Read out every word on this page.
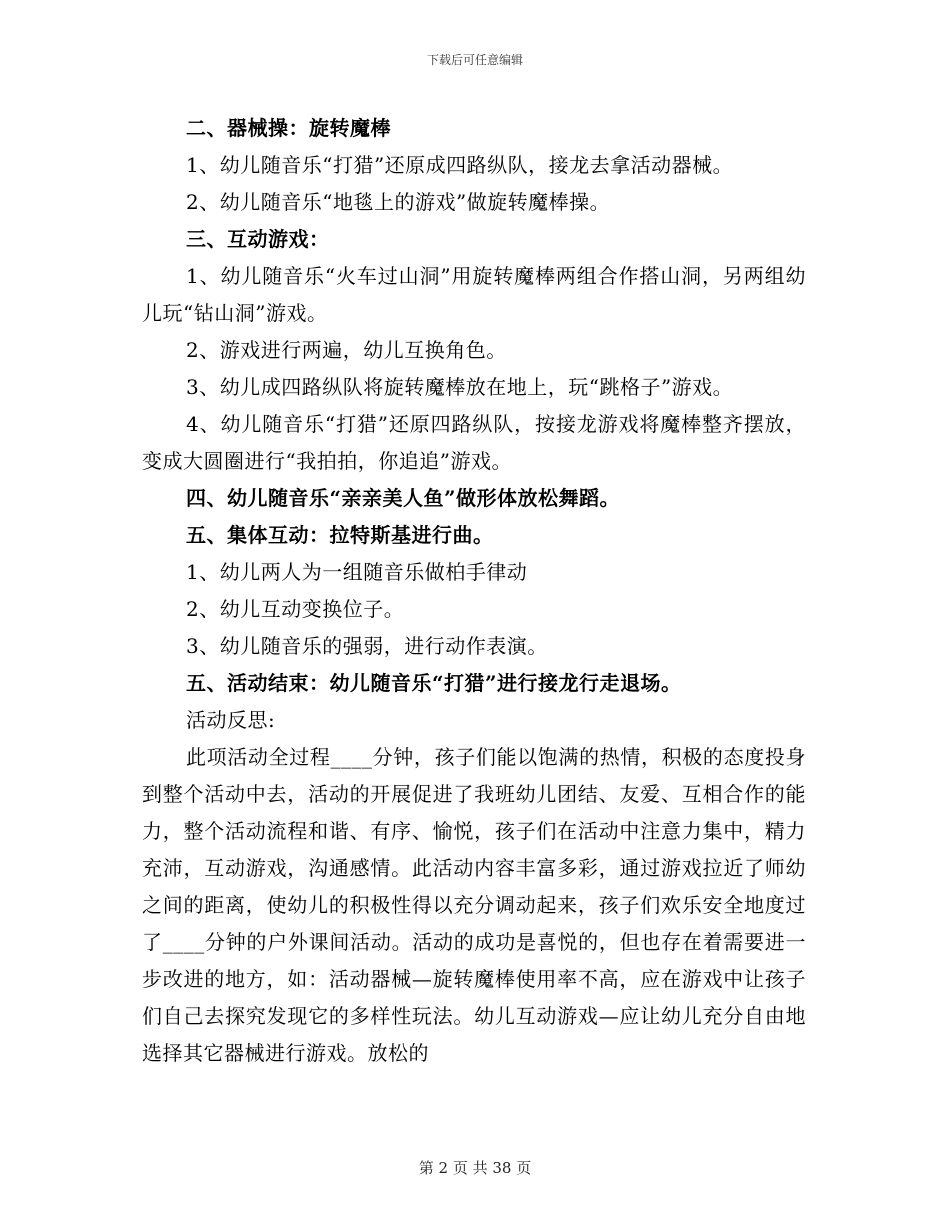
下载后可任意编辑

二、器械操：旋转魔棒

1、幼儿随音乐“打猎”还原成四路纵队，接龙去拿活动器械。

2、幼儿随音乐“地毯上的游戏”做旋转魔棒操。

三、互动游戏：

1、幼儿随音乐“火车过山洞”用旋转魔棒两组合作搭山洞，另两组幼儿玩“钻山洞”游戏。

2、游戏进行两遍，幼儿互换角色。

3、幼儿成四路纵队将旋转魔棒放在地上，玩“跳格子”游戏。

4、幼儿随音乐“打猎”还原四路纵队，按接龙游戏将魔棒整齐摆放，变成大圆圈进行“我拍拍，你追追”游戏。

四、幼儿随音乐“亲亲美人鱼”做形体放松舞蹈。

五、集体互动：拉特斯基进行曲。

1、幼儿两人为一组随音乐做柏手律动

2、幼儿互动变换位子。

3、幼儿随音乐的强弱，进行动作表演。

五、活动结束：幼儿随音乐“打猎”进行接龙行走退场。

活动反思:

此项活动全过程____分钟，孩子们能以饱满的热情，积极的态度投身到整个活动中去，活动的开展促进了我班幼儿团结、友爱、互相合作的能力，整个活动流程和谐、有序、愉悦，孩子们在活动中注意力集中，精力充沛，互动游戏，沟通感情。此活动内容丰富多彩，通过游戏拉近了师幼之间的距离，使幼儿的积极性得以充分调动起来，孩子们欢乐安全地度过了____分钟的户外课间活动。活动的成功是喜悦的，但也存在着需要进一步改进的地方，如：活动器械—旋转魔棒使用率不高，应在游戏中让孩子们自己去探究发现它的多样性玩法。幼儿互动游戏—应让幼儿充分自由地选择其它器械进行游戏。放松的

第 2 页 共 38 页
